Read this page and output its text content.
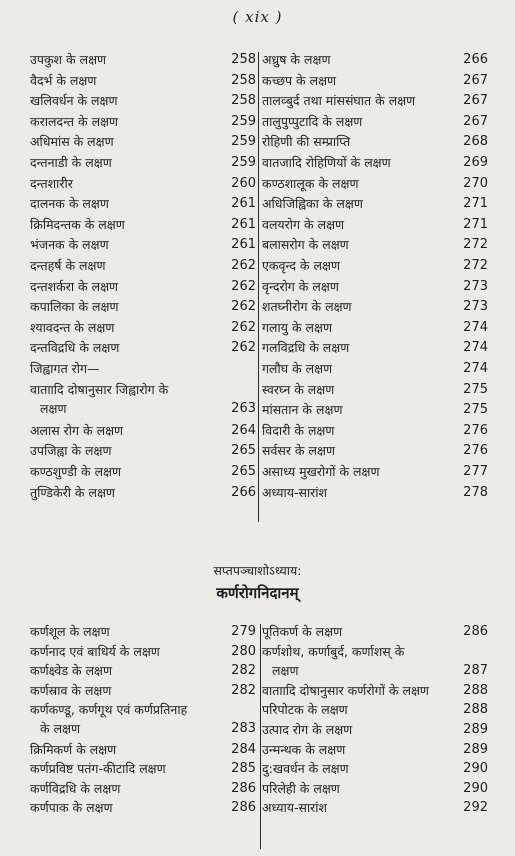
( xix )
उपकुश के लक्षण	258
वैदर्भ के लक्षण	258
खलिवर्धन के लक्षण	258
करालदन्त के लक्षण	259
अधिमांस के लक्षण	259
दन्तनाडी के लक्षण	259
दन्तशारीर	260
दालनक के लक्षण	261
क्रिमिदन्तक के लक्षण	261
भंजनक के लक्षण	261
दन्तहर्ष के लक्षण	262
दन्तशर्करा के लक्षण	262
कपालिका के लक्षण	262
श्यावदन्त के लक्षण	262
दन्तविद्रधि के लक्षण	262
जिह्वागत रोग—
वाताादि दोषानुसार जिह्वारोग के
लक्षण	263
अलास रोग के लक्षण	264
उपजिह्वा के लक्षण	265
कण्ठशुण्डी के लक्षण	265
तुण्डिकेरी के लक्षण	266
अध्रुष के लक्षण	266
कच्छप के लक्षण	267
तालव्बुर्द तथा मांससंघात के लक्षण	267
तालुपुप्पुटादि के लक्षण	267
रोहिणी की सम्प्राप्ति	268
वातजादि रोहिणियों के लक्षण	269
कण्ठशालूक के लक्षण	270
अधिजिह्विका के लक्षण	271
वलयरोग के लक्षण	271
बलासरोग के लक्षण	272
एकवृन्द के लक्षण	272
वृन्दरोग के लक्षण	273
शतघ्नीरोग के लक्षण	273
गलायु के लक्षण	274
गलविद्रधि के लक्षण	274
गलौघ के लक्षण	274
स्वरघ्न के लक्षण	275
मांसतान के लक्षण	275
विदारी के लक्षण	276
सर्वसर के लक्षण	276
असाध्य मुखरोगों के लक्षण	277
अध्याय-सारांश	278
सप्तपञ्चाशोऽध्याय:
कर्णरोगनिदानम्
कर्णशूल के लक्षण	279
कर्णनाद एवं बाधिर्य के लक्षण	280
कर्णक्ष्वेड के लक्षण	282
कर्णस्राव के लक्षण	282
कर्णकण्डू, कर्णगूथ एवं कर्णप्रतिनाह
के लक्षण	283
क्रिमिकर्ण के लक्षण	284
कर्णप्रविष्ट पतंग-कीटादि लक्षण	285
कर्णविद्रधि के लक्षण	286
कर्णपाक के लक्षण	286
पूतिकर्ण के लक्षण	286
कर्णशोथ, कर्णाबुर्द, कर्णाशस् के
लक्षण	287
वाताादि दोषानुसार कर्णरोगों के लक्षण	288
परिपोटक के लक्षण	288
उत्पाद रोग के लक्षण	289
उन्मन्थक के लक्षण	289
दु:खवर्धन के लक्षण	290
परिलेही के लक्षण	290
अध्याय-सारांश	292
